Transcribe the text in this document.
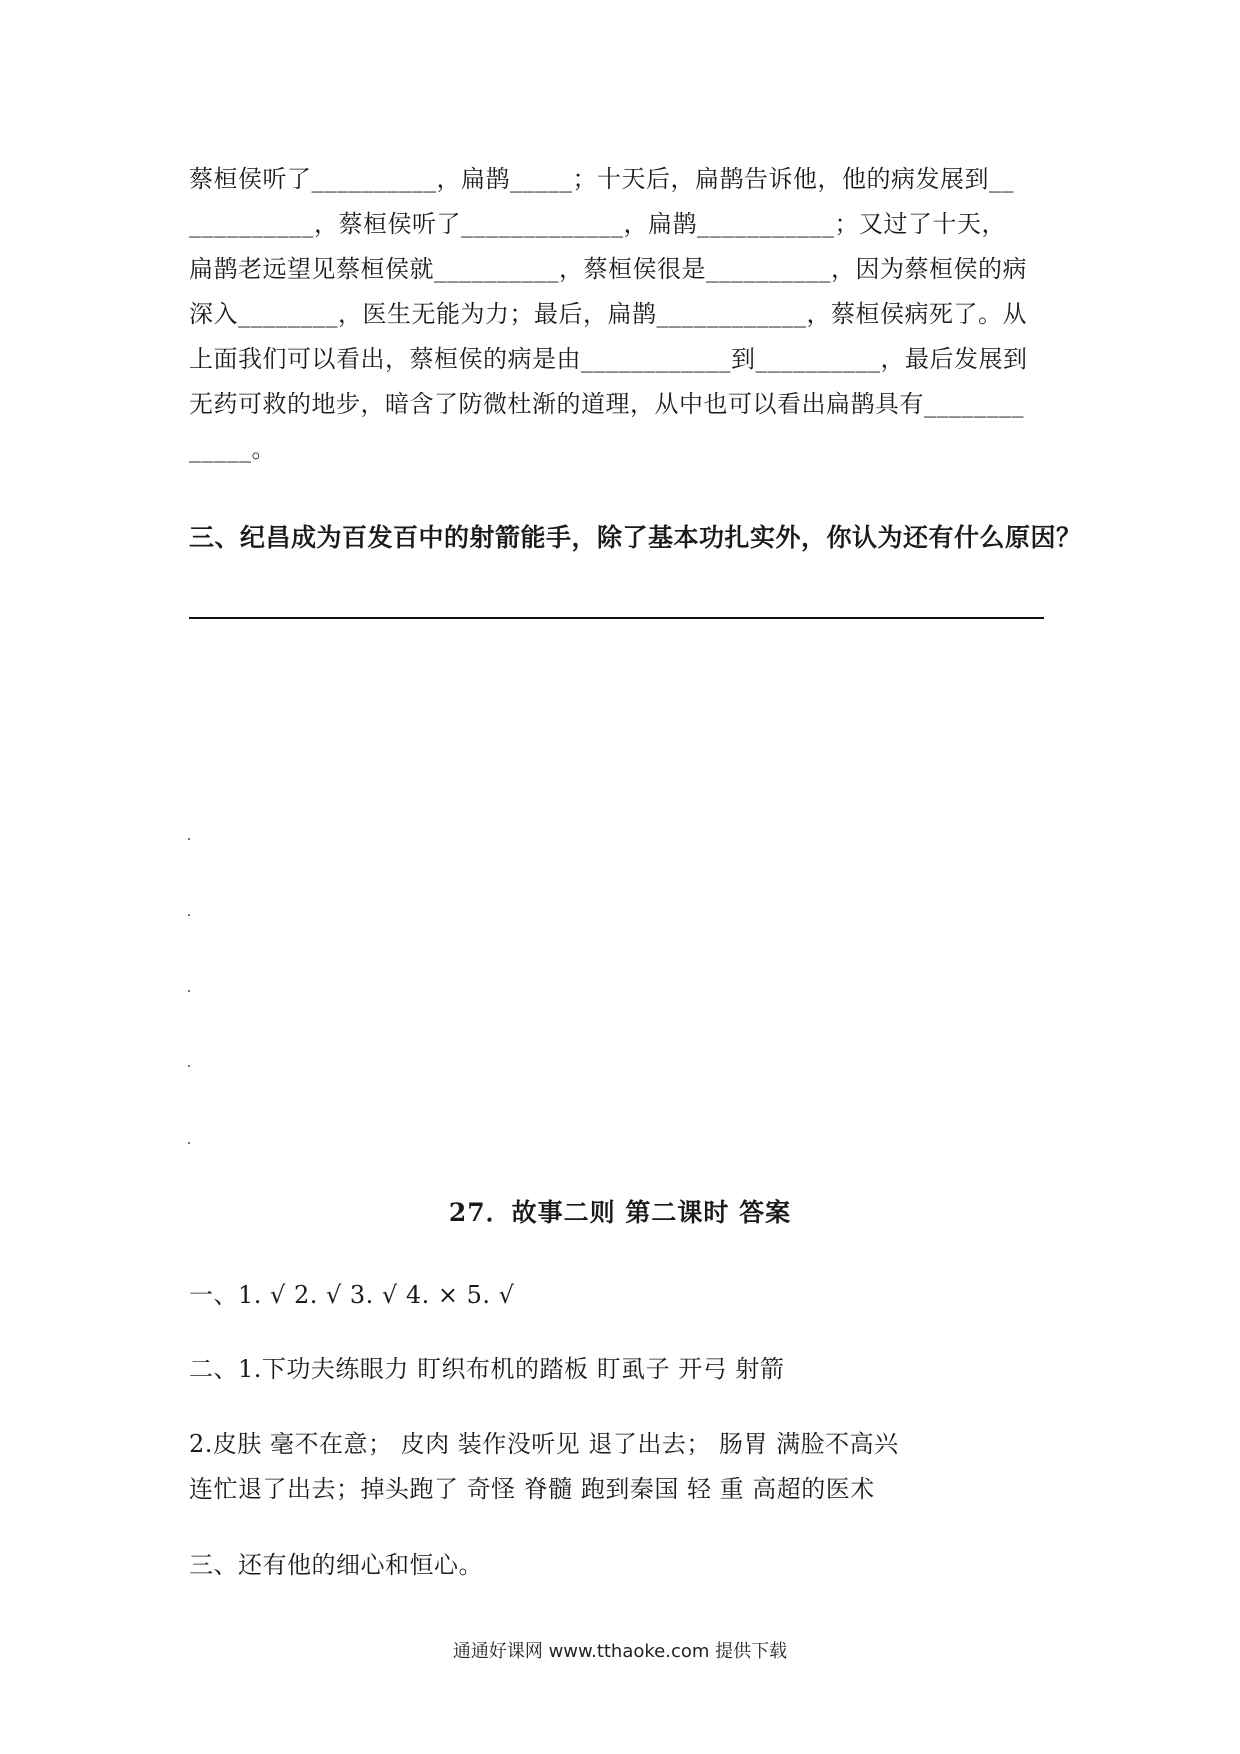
蔡桓侯听了__________，扁鹊_____；十天后，扁鹊告诉他，他的病发展到__
__________，蔡桓侯听了_____________，扁鹊___________；又过了十天，
扁鹊老远望见蔡桓侯就__________，蔡桓侯很是__________，因为蔡桓侯的病
深入________，医生无能为力；最后，扁鹊____________，蔡桓侯病死了。从
上面我们可以看出，蔡桓侯的病是由____________到__________，最后发展到
无药可救的地步，暗含了防微杜渐的道理，从中也可以看出扁鹊具有________
_____。
三、纪昌成为百发百中的射箭能手，除了基本功扎实外，你认为还有什么原因？
27．故事二则 第二课时 答案
一、1. √ 2. √ 3. √ 4. × 5. √
二、1.下功夫练眼力 盯织布机的踏板 盯虱子 开弓 射箭
2.皮肤 毫不在意； 皮肉 装作没听见 退了出去； 肠胃 满脸不高兴
连忙退了出去；掉头跑了 奇怪 脊髓 跑到秦国 轻 重 高超的医术
三、还有他的细心和恒心。
通通好课网 www.tthaoke.com 提供下载
